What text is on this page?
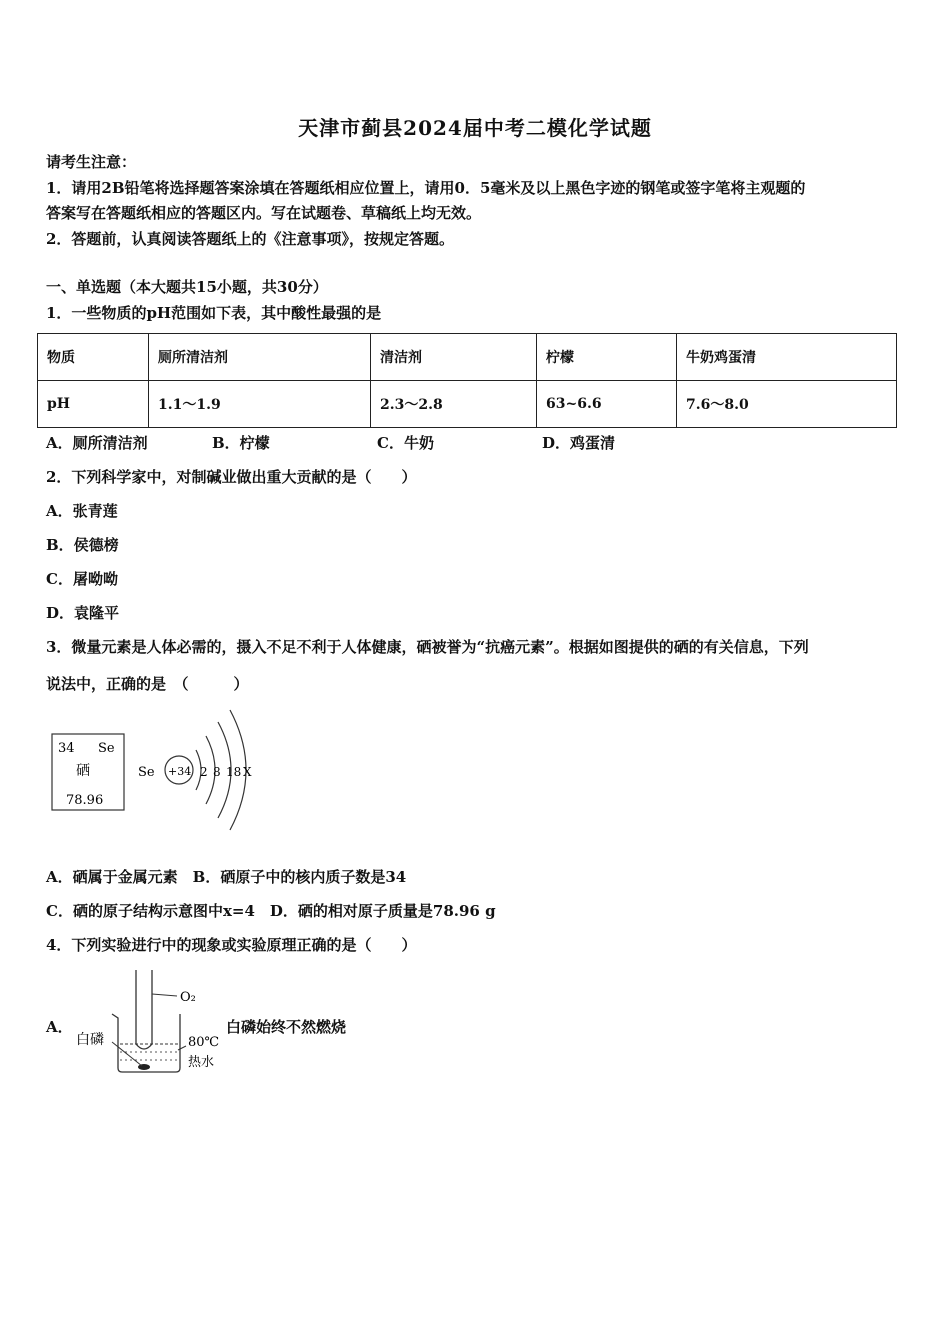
天津市蓟县2024届中考二模化学试题
请考生注意：
1．请用2B铅笔将选择题答案涂填在答题纸相应位置上，请用0．5毫米及以上黑色字迹的钢笔或签字笔将主观题的
答案写在答题纸相应的答题区内。写在试题卷、草稿纸上均无效。
2．答题前，认真阅读答题纸上的《注意事项》，按规定答题。
一、单选题（本大题共15小题，共30分）
1．一些物质的pH范围如下表，其中酸性最强的是
物质	厕所清洁剂	清洁剂	柠檬	牛奶鸡蛋清
pH	1.1～1.9	2.3～2.8	63~6.6	7.6～8.0
A．厕所清洁剂	B．柠檬	C．牛奶	D．鸡蛋清
2．下列科学家中，对制碱业做出重大贡献的是（　　）
A．张青莲
B．侯德榜
C．屠呦呦
D．袁隆平
3．微量元素是人体必需的，摄入不足不利于人体健康，硒被誉为“抗癌元素”。根据如图提供的硒的有关信息，下列
说法中，正确的是　（　　　）
34 Se
硒
78.96
Se +34 2 8 18 X
A．硒属于金属元素　B．硒原子中的核内质子数是34
C．硒的原子结构示意图中x=4　D．硒的相对原子质量是78.96 g
4．下列实验进行中的现象或实验原理正确的是（　　）
A．
O₂
白磷	80℃
热水
白磷始终不然燃烧
